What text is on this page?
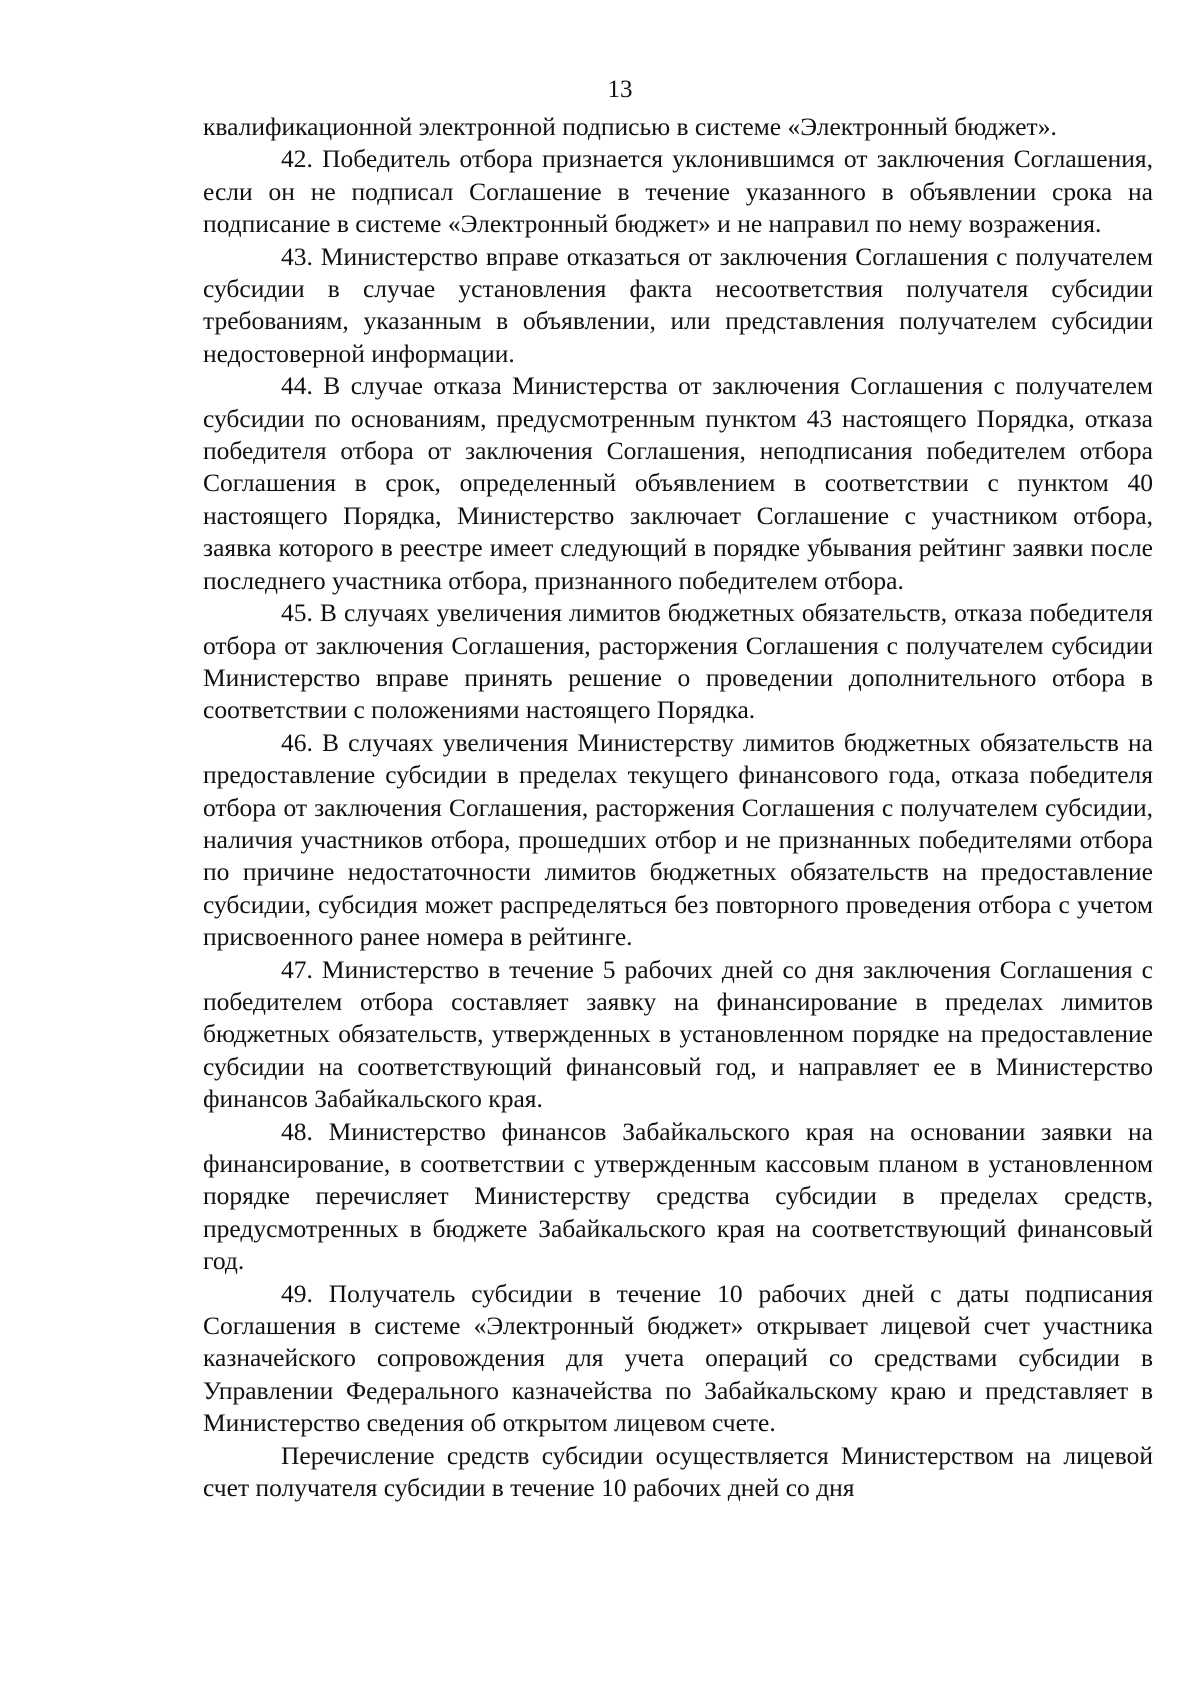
13

квалификационной электронной подписью в системе «Электронный бюджет».

42. Победитель отбора признается уклонившимся от заключения Соглашения, если он не подписал Соглашение в течение указанного в объявлении срока на подписание в системе «Электронный бюджет» и не направил по нему возражения.

43. Министерство вправе отказаться от заключения Соглашения с получателем субсидии в случае установления факта несоответствия получателя субсидии требованиям, указанным в объявлении, или представления получателем субсидии недостоверной информации.

44. В случае отказа Министерства от заключения Соглашения с получателем субсидии по основаниям, предусмотренным пунктом 43 настоящего Порядка, отказа победителя отбора от заключения Соглашения, неподписания победителем отбора Соглашения в срок, определенный объявлением в соответствии с пунктом 40 настоящего Порядка, Министерство заключает Соглашение с участником отбора, заявка которого в реестре имеет следующий в порядке убывания рейтинг заявки после последнего участника отбора, признанного победителем отбора.

45. В случаях увеличения лимитов бюджетных обязательств, отказа победителя отбора от заключения Соглашения, расторжения Соглашения с получателем субсидии Министерство вправе принять решение о проведении дополнительного отбора в соответствии с положениями настоящего Порядка.

46. В случаях увеличения Министерству лимитов бюджетных обязательств на предоставление субсидии в пределах текущего финансового года, отказа победителя отбора от заключения Соглашения, расторжения Соглашения с получателем субсидии, наличия участников отбора, прошедших отбор и не признанных победителями отбора по причине недостаточности лимитов бюджетных обязательств на предоставление субсидии, субсидия может распределяться без повторного проведения отбора с учетом присвоенного ранее номера в рейтинге.

47. Министерство в течение 5 рабочих дней со дня заключения Соглашения с победителем отбора составляет заявку на финансирование в пределах лимитов бюджетных обязательств, утвержденных в установленном порядке на предоставление субсидии на соответствующий финансовый год, и направляет ее в Министерство финансов Забайкальского края.

48. Министерство финансов Забайкальского края на основании заявки на финансирование, в соответствии с утвержденным кассовым планом в установленном порядке перечисляет Министерству средства субсидии в пределах средств, предусмотренных в бюджете Забайкальского края на соответствующий финансовый год.

49. Получатель субсидии в течение 10 рабочих дней с даты подписания Соглашения в системе «Электронный бюджет» открывает лицевой счет участника казначейского сопровождения для учета операций со средствами субсидии в Управлении Федерального казначейства по Забайкальскому краю и представляет в Министерство сведения об открытом лицевом счете.

Перечисление средств субсидии осуществляется Министерством на лицевой счет получателя субсидии в течение 10 рабочих дней со дня
